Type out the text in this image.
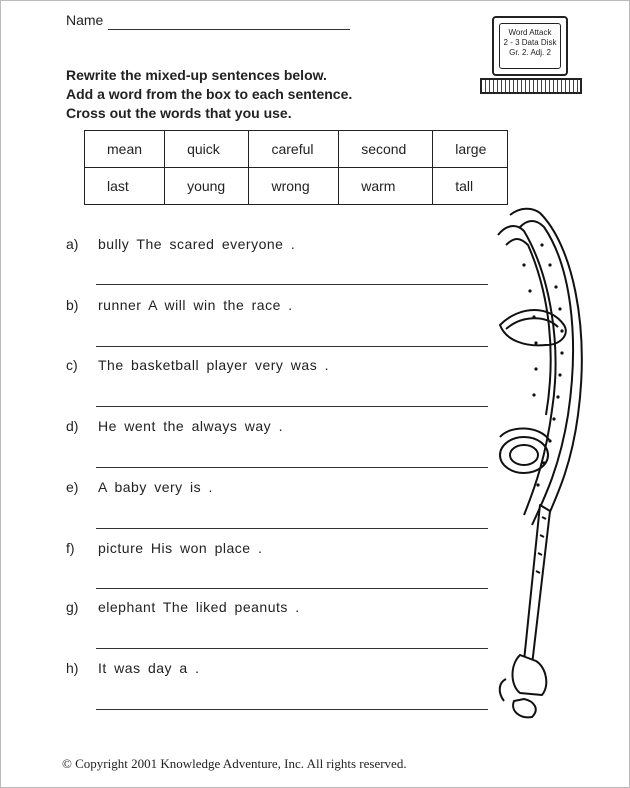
Name
Word Attack
2 - 3 Data Disk
Gr. 2. Adj. 2
Rewrite the mixed-up sentences below.
Add a word from the box to each sentence.
Cross out the words that you use.
mean	quick	careful	second	large
last	young	wrong	warm	tall
a) bully The scared everyone .
b) runner A will win the race .
c) The basketball player very was .
d) He went the always way .
e) A baby very is .
f) picture His won place .
g) elephant The liked peanuts .
h) It was day a .
© Copyright 2001 Knowledge Adventure, Inc. All rights reserved.
